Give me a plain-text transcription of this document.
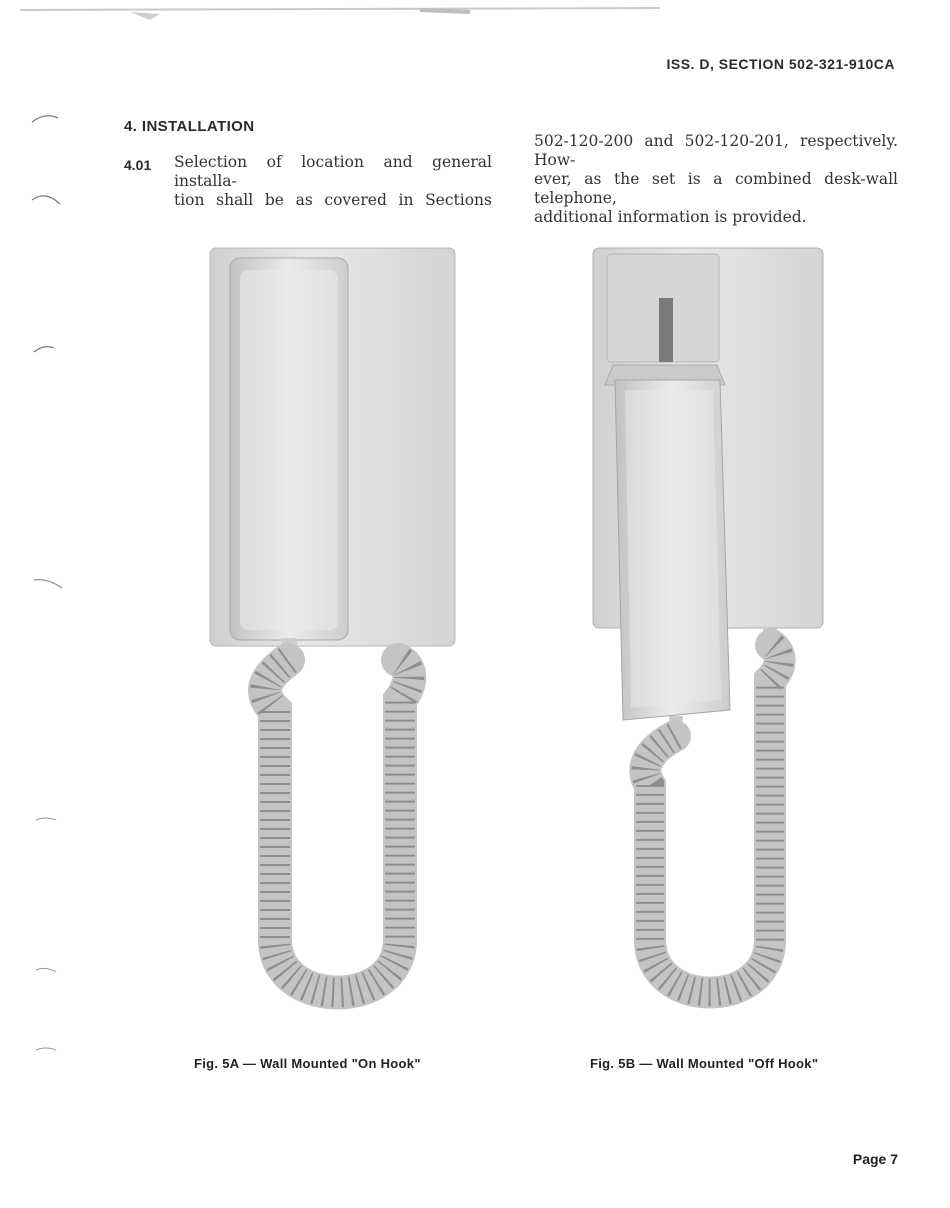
ISS. D, SECTION 502-321-910CA
4. INSTALLATION
4.01 Selection of location and general installa-
tion shall be as covered in Sections
502-120-200 and 502-120-201, respectively. How-
ever, as the set is a combined desk-wall telephone,
additional information is provided.
Fig. 5A — Wall Mounted "On Hook"	Fig. 5B — Wall Mounted "Off Hook"
Page 7
